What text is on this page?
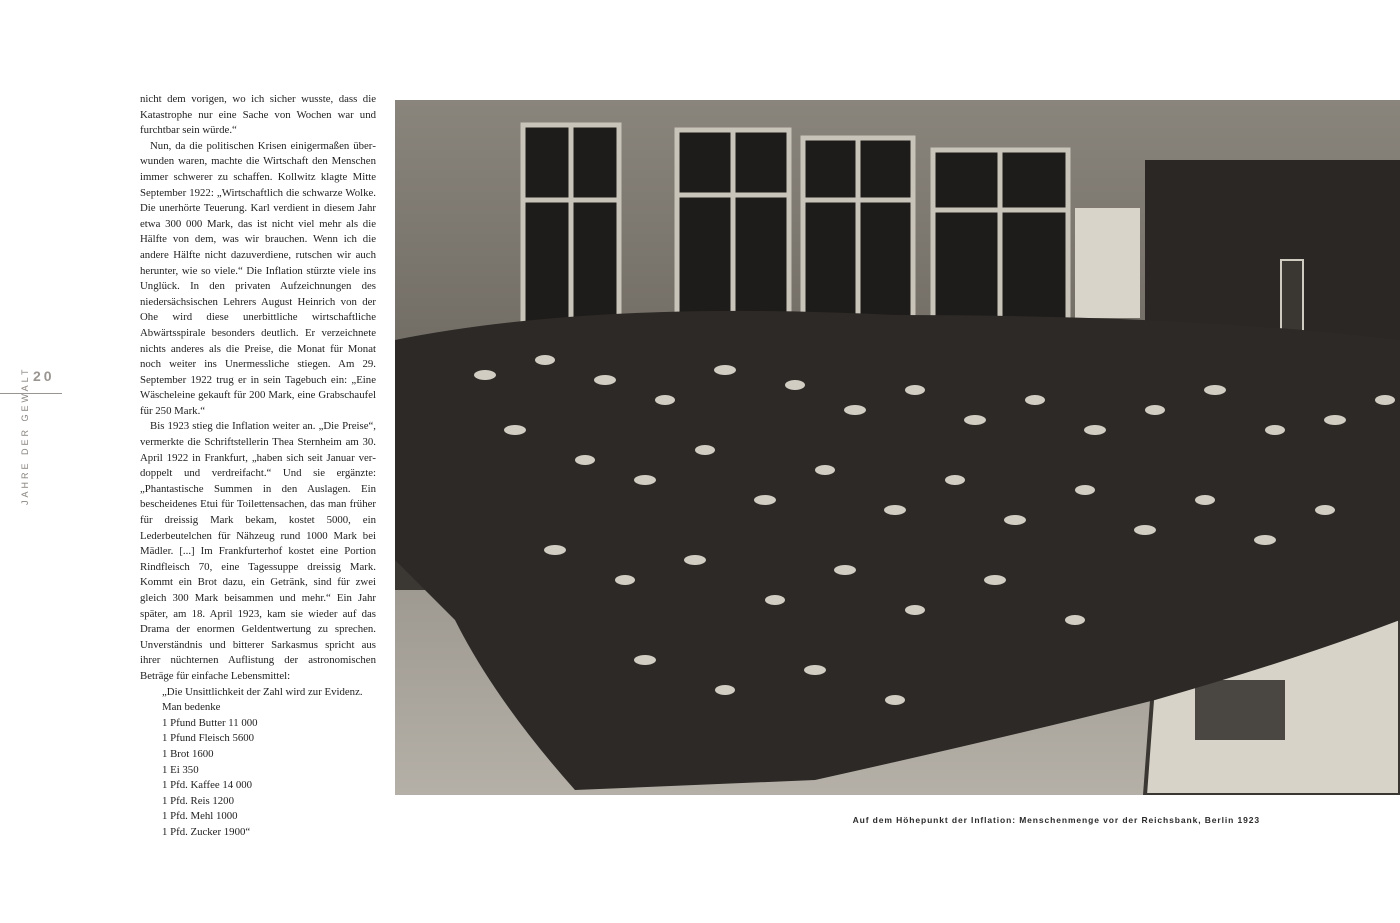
20
JAHRE DER GEWALT

nicht dem vorigen, wo ich sicher wusste, dass die Katastrophe nur eine Sache von Wochen war und furchtbar sein würde.“

Nun, da die politischen Krisen einigermaßen überwunden waren, machte die Wirtschaft den Menschen immer schwerer zu schaffen. Kollwitz klagte Mitte September 1922: „Wirtschaftlich die schwarze Wolke. Die unerhörte Teuerung. Karl verdient in diesem Jahr etwa 300 000 Mark, das ist nicht viel mehr als die Hälfte von dem, was wir brauchen. Wenn ich die andere Hälfte nicht dazuverdiene, rutschen wir auch herunter, wie so viele.“ Die Inflation stürzte viele ins Unglück. In den privaten Aufzeichnungen des niedersächsischen Lehrers August Heinrich von der Ohe wird diese unerbittliche wirtschaftliche Abwärtsspirale besonders deutlich. Er verzeichnete nichts anderes als die Preise, die Monat für Monat noch weiter ins Unermessliche stiegen. Am 29. September 1922 trug er in sein Tagebuch ein: „Eine Wäscheleine gekauft für 200 Mark, eine Grabschaufel für 250 Mark.“

Bis 1923 stieg die Inflation weiter an. „Die Preise“, vermerkte die Schriftstellerin Thea Sternheim am 30. April 1922 in Frankfurt, „haben sich seit Januar verdoppelt und verdreifacht.“ Und sie ergänzte: „Phantastische Summen in den Auslagen. Ein bescheidenes Etui für Toilettensachen, das man früher für dreissig Mark bekam, kostet 5000, ein Lederbeutelchen für Nähzeug rund 1000 Mark bei Mädler. [...] Im Frankfurterhof kostet eine Portion Rindfleisch 70, eine Tagessuppe dreissig Mark. Kommt ein Brot dazu, ein Getränk, sind für zwei gleich 300 Mark beisammen und mehr.“ Ein Jahr später, am 18. April 1923, kam sie wieder auf das Drama der enormen Geldentwertung zu sprechen. Unverständnis und bitterer Sarkasmus spricht aus ihrer nüchternen Auflistung der astronomischen Beträge für einfache Lebensmittel:

„Die Unsittlichkeit der Zahl wird zur Evidenz.
Man bedenke
1 Pfund Butter 11 000
1 Pfund Fleisch 5600
1 Brot 1600
1 Ei 350
1 Pfd. Kaffee 14 000
1 Pfd. Reis 1200
1 Pfd. Mehl 1000
1 Pfd. Zucker 1900“
Auf dem Höhepunkt der Inflation: Menschenmenge vor der Reichsbank, Berlin 1923
